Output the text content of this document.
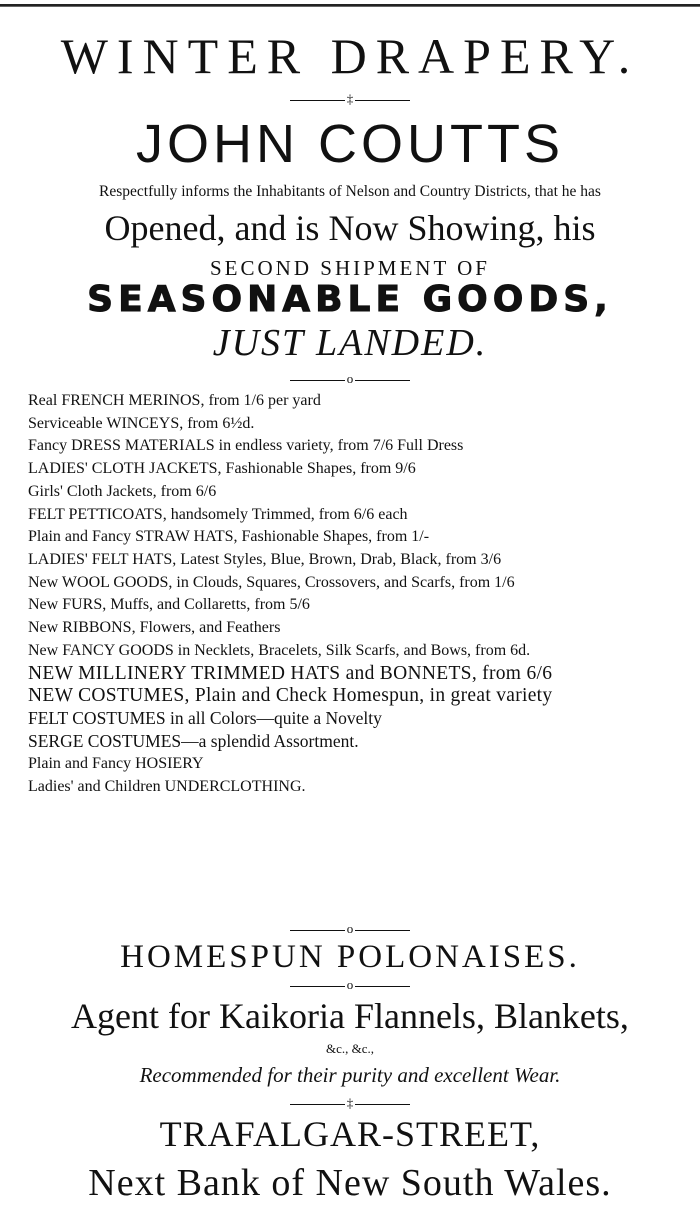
WINTER DRAPERY.
‡
JOHN COUTTS
Respectfully informs the Inhabitants of Nelson and Country Districts, that he has
Opened, and is Now Showing, his
SECOND SHIPMENT OF
SEASONABLE GOODS,
JUST LANDED.
o
Real FRENCH MERINOS, from 1/6 per yard
Serviceable WINCEYS, from 6½d.
Fancy DRESS MATERIALS in endless variety, from 7/6 Full Dress
LADIES' CLOTH JACKETS, Fashionable Shapes, from 9/6
Girls' Cloth Jackets, from 6/6
FELT PETTICOATS, handsomely Trimmed, from 6/6 each
Plain and Fancy STRAW HATS, Fashionable Shapes, from 1/-
LADIES' FELT HATS, Latest Styles, Blue, Brown, Drab, Black, from 3/6
New WOOL GOODS, in Clouds, Squares, Crossovers, and Scarfs, from 1/6
New FURS, Muffs, and Collaretts, from 5/6
New RIBBONS, Flowers, and Feathers
New FANCY GOODS in Necklets, Bracelets, Silk Scarfs, and Bows, from 6d.
NEW MILLINERY TRIMMED HATS and BONNETS, from 6/6
NEW COSTUMES, Plain and Check Homespun, in great variety
FELT COSTUMES in all Colors—quite a Novelty
SERGE COSTUMES—a splendid Assortment.
Plain and Fancy HOSIERY
Ladies' and Children UNDERCLOTHING.
o
HOMESPUN POLONAISES.
o
Agent for Kaikoria Flannels, Blankets,
&c., &c.,
Recommended for their purity and excellent Wear.
‡
TRAFALGAR-STREET,
Next Bank of New South Wales.
